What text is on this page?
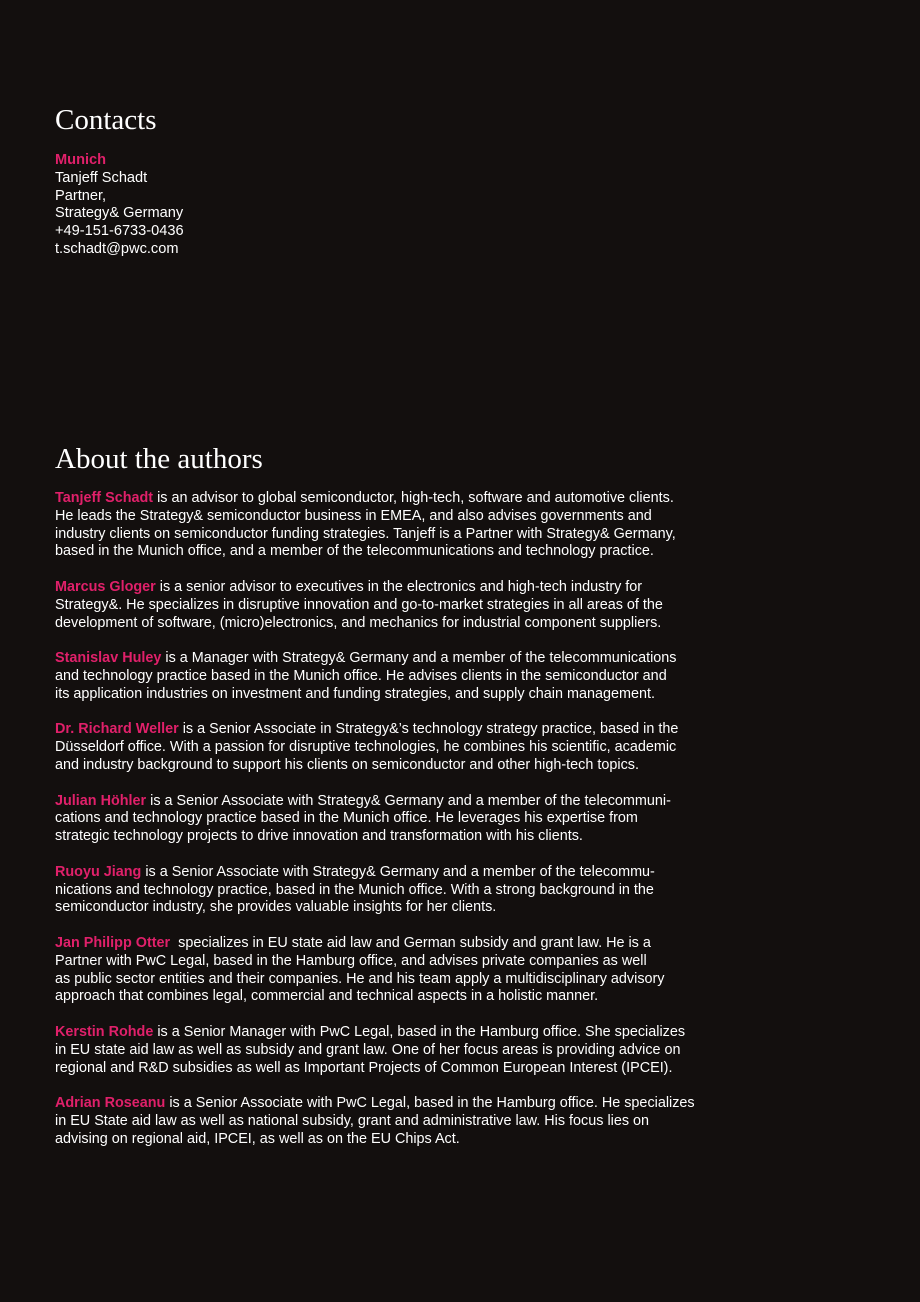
Contacts
Munich
Tanjeff Schadt
Partner,
Strategy& Germany
+49-151-6733-0436
t.schadt@pwc.com
About the authors

Tanjeff Schadt is an advisor to global semiconductor, high-tech, software and automotive clients.
He leads the Strategy& semiconductor business in EMEA, and also advises governments and
industry clients on semiconductor funding strategies. Tanjeff is a Partner with Strategy& Germany,
based in the Munich office, and a member of the telecommunications and technology practice.

Marcus Gloger is a senior advisor to executives in the electronics and high-tech industry for
Strategy&. He specializes in disruptive innovation and go-to-market strategies in all areas of the
development of software, (micro)electronics, and mechanics for industrial component suppliers.

Stanislav Huley is a Manager with Strategy& Germany and a member of the telecommunications
and technology practice based in the Munich office. He advises clients in the semiconductor and
its application industries on investment and funding strategies, and supply chain management.

Dr. Richard Weller is a Senior Associate in Strategy&’s technology strategy practice, based in the
Düsseldorf office. With a passion for disruptive technologies, he combines his scientific, academic
and industry background to support his clients on semiconductor and other high-tech topics.

Julian Höhler is a Senior Associate with Strategy& Germany and a member of the telecommuni-
cations and technology practice based in the Munich office. He leverages his expertise from
strategic technology projects to drive innovation and transformation with his clients.

Ruoyu Jiang is a Senior Associate with Strategy& Germany and a member of the telecommu-
nications and technology practice, based in the Munich office. With a strong background in the
semiconductor industry, she provides valuable insights for her clients.

Jan Philipp Otter  specializes in EU state aid law and German subsidy and grant law. He is a
Partner with PwC Legal, based in the Hamburg office, and advises private companies as well
as public sector entities and their companies. He and his team apply a multidisciplinary advisory
approach that combines legal, commercial and technical aspects in a holistic manner.

Kerstin Rohde is a Senior Manager with PwC Legal, based in the Hamburg office. She specializes
in EU state aid law as well as subsidy and grant law. One of her focus areas is providing advice on
regional and R&D subsidies as well as Important Projects of Common European Interest (IPCEI).

Adrian Roseanu is a Senior Associate with PwC Legal, based in the Hamburg office. He specializes
in EU State aid law as well as national subsidy, grant and administrative law. His focus lies on
advising on regional aid, IPCEI, as well as on the EU Chips Act.
